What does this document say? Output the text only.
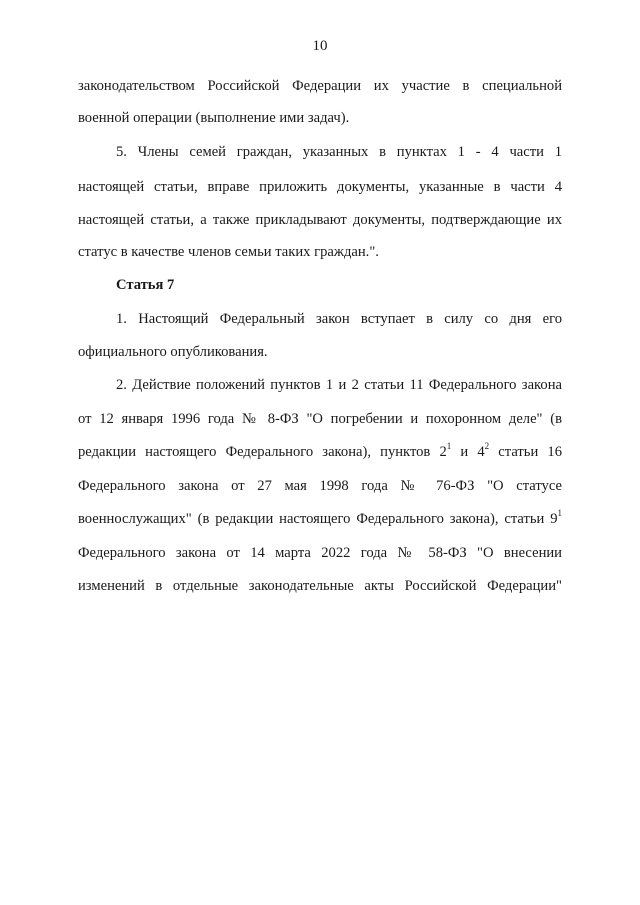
10
законодательством Российской Федерации их участие в специальной
военной операции (выполнение ими задач).
5. Члены семей граждан, указанных в пунктах 1 - 4 части 1
настоящей статьи, вправе приложить документы, указанные в части 4
настоящей статьи, а также прикладывают документы, подтверждающие их
статус в качестве членов семьи таких граждан.".
Статья 7
1. Настоящий Федеральный закон вступает в силу со дня его
официального опубликования.
2. Действие положений пунктов 1 и 2 статьи 11 Федерального закона
от 12 января 1996 года № 8-ФЗ "О погребении и похоронном деле" (в
редакции настоящего Федерального закона), пунктов $2^1$ и $4^2$ статьи 16
Федерального закона от 27 мая 1998 года № 76-ФЗ "О статусе
военнослужащих" (в редакции настоящего Федерального закона), статьи $9^1$
Федерального закона от 14 марта 2022 года № 58-ФЗ "О внесении
изменений в отдельные законодательные акты Российской Федерации"
